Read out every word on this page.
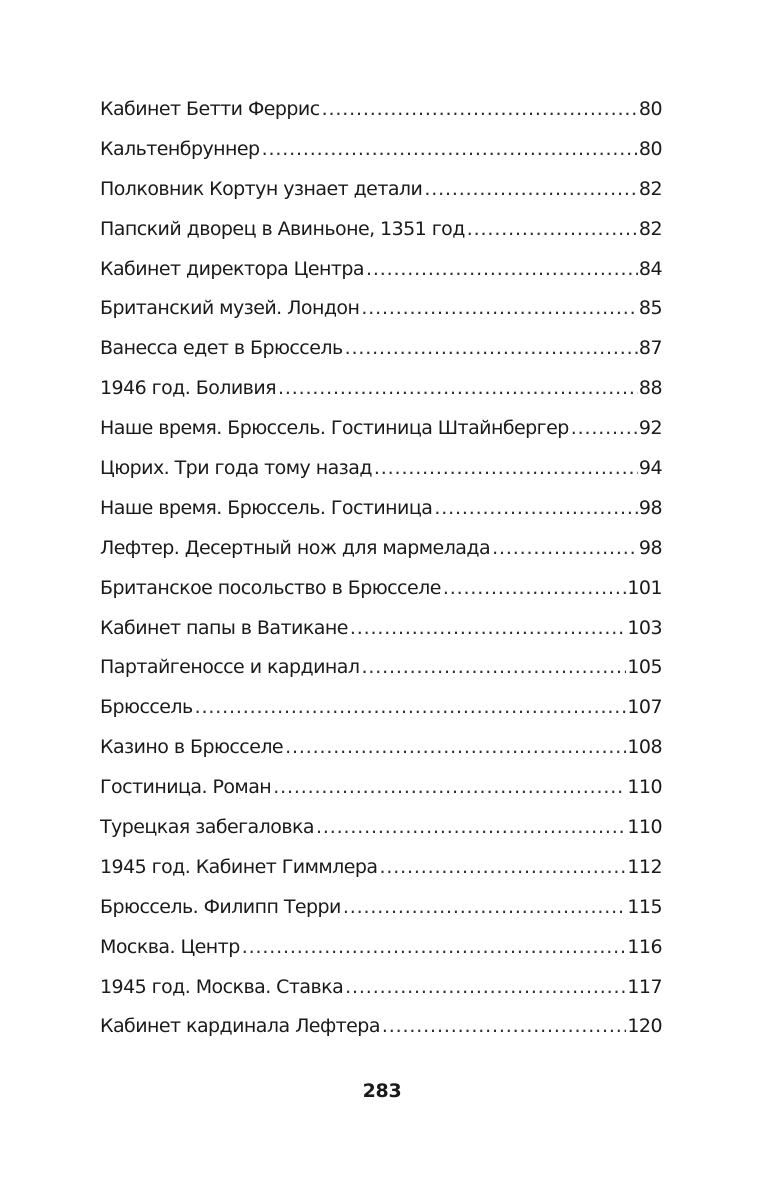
Кабинет Бетти Феррис . . .	80
Кальтенбруннер . . .	80
Полковник Кортун узнает детали . . .	82
Папский дворец в Авиньоне, 1351 год . . .	82
Кабинет директора Центра . . .	84
Британский музей. Лондон . . .	85
Ванесса едет в Брюссель . . .	87
1946 год. Боливия . . .	88
Наше время. Брюссель. Гостиница Штайнбергер . . .	92
Цюрих. Три года тому назад . . .	94
Наше время. Брюссель. Гостиница . . .	98
Лефтер. Десертный нож для мармелада . . .	98
Британское посольство в Брюсселе . . .	101
Кабинет папы в Ватикане . . .	103
Партайгеноссе и кардинал . . .	105
Брюссель . . .	107
Казино в Брюсселе . . .	108
Гостиница. Роман . . .	110
Турецкая забегаловка . . .	110
1945 год. Кабинет Гиммлера . . .	112
Брюссель. Филипп Терри . . .	115
Москва. Центр . . .	116
1945 год. Москва. Ставка . . .	117
Кабинет кардинала Лефтера . . .	120
283
